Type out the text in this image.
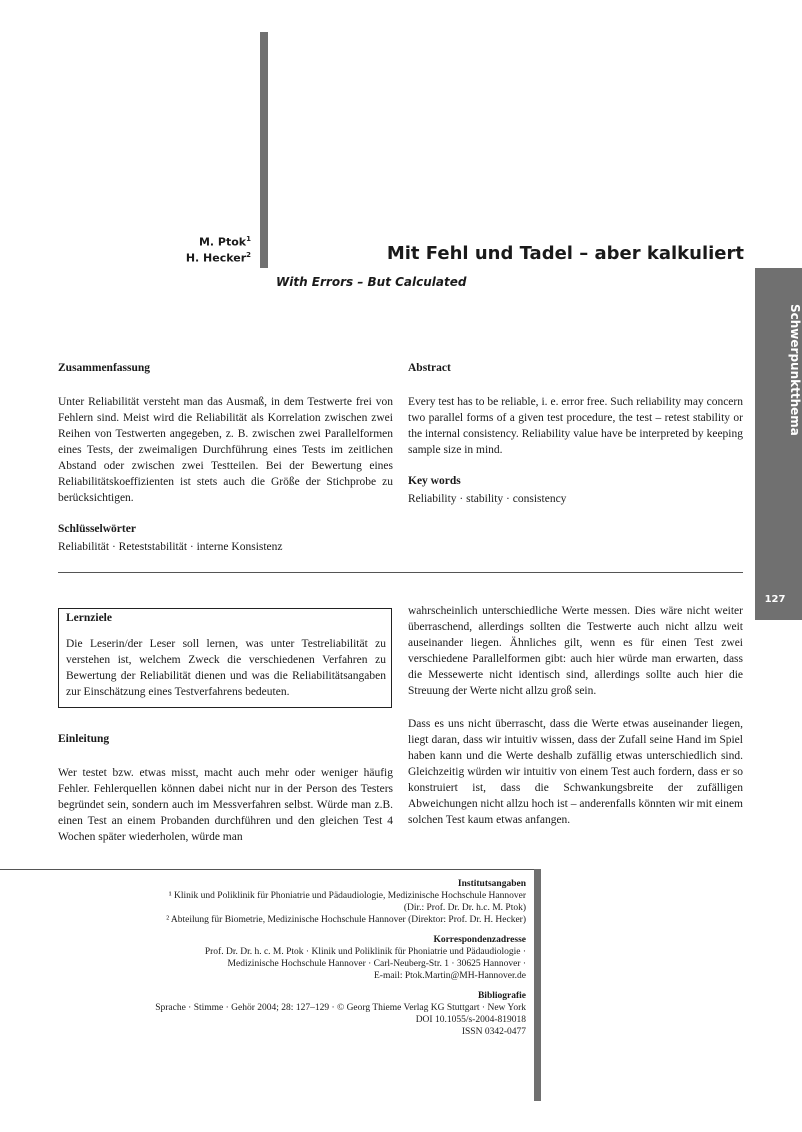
M. Ptok$^1$
H. Hecker$^2$	Mit Fehl und Tadel – aber kalkuliert
With Errors – But Calculated
Schwerpunktthema
127
Zusammenfassung
Unter Reliabilität versteht man das Ausmaß, in dem Testwerte frei von Fehlern sind. Meist wird die Reliabilität als Korrelation zwischen zwei Reihen von Testwerten angegeben, z. B. zwischen zwei Parallelformen eines Tests, der zweimaligen Durchführung eines Tests im zeitlichen Abstand oder zwischen zwei Testteilen. Bei der Bewertung eines Reliabilitätskoeffizienten ist stets auch die Größe der Stichprobe zu berücksichtigen.
Schlüsselwörter
Reliabilität · Reteststabilität · interne Konsistenz
Abstract
Every test has to be reliable, i. e. error free. Such reliability may concern two parallel forms of a given test procedure, the test – retest stability or the internal consistency. Reliability value have be interpreted by keeping sample size in mind.
Key words
Reliability · stability · consistency
Lernziele
Die Leserin/der Leser soll lernen, was unter Testreliabilität zu verstehen ist, welchem Zweck die verschiedenen Verfahren zu Bewertung der Reliabilität dienen und was die Reliabilitätsangaben zur Einschätzung eines Testverfahrens bedeuten.
Einleitung
Wer testet bzw. etwas misst, macht auch mehr oder weniger häufig Fehler. Fehlerquellen können dabei nicht nur in der Person des Testers begründet sein, sondern auch im Messverfahren selbst. Würde man z.B. einen Test an einem Probanden durchführen und den gleichen Test 4 Wochen später wiederholen, würde man
wahrscheinlich unterschiedliche Werte messen. Dies wäre nicht weiter überraschend, allerdings sollten die Testwerte auch nicht allzu weit auseinander liegen. Ähnliches gilt, wenn es für einen Test zwei verschiedene Parallelformen gibt: auch hier würde man erwarten, dass die Messewerte nicht identisch sind, allerdings sollte auch hier die Streuung der Werte nicht allzu groß sein.
Dass es uns nicht überrascht, dass die Werte etwas auseinander liegen, liegt daran, dass wir intuitiv wissen, dass der Zufall seine Hand im Spiel haben kann und die Werte deshalb zufällig etwas unterschiedlich sind. Gleichzeitig würden wir intuitiv von einem Test auch fordern, dass er so konstruiert ist, dass die Schwankungsbreite der zufälligen Abweichungen nicht allzu hoch ist – anderenfalls könnten wir mit einem solchen Test kaum etwas anfangen.
Institutsangaben
¹ Klinik und Poliklinik für Phoniatrie und Pädaudiologie, Medizinische Hochschule Hannover
(Dir.: Prof. Dr. Dr. h.c. M. Ptok)
² Abteilung für Biometrie, Medizinische Hochschule Hannover (Direktor: Prof. Dr. H. Hecker)
Korrespondenzadresse
Prof. Dr. Dr. h. c. M. Ptok · Klinik und Poliklinik für Phoniatrie und Pädaudiologie ·
Medizinische Hochschule Hannover · Carl-Neuberg-Str. 1 · 30625 Hannover ·
E-mail: Ptok.Martin@MH-Hannover.de
Bibliografie
Sprache · Stimme · Gehör 2004; 28: 127–129 · © Georg Thieme Verlag KG Stuttgart · New York
DOI 10.1055/s-2004-819018
ISSN 0342-0477
